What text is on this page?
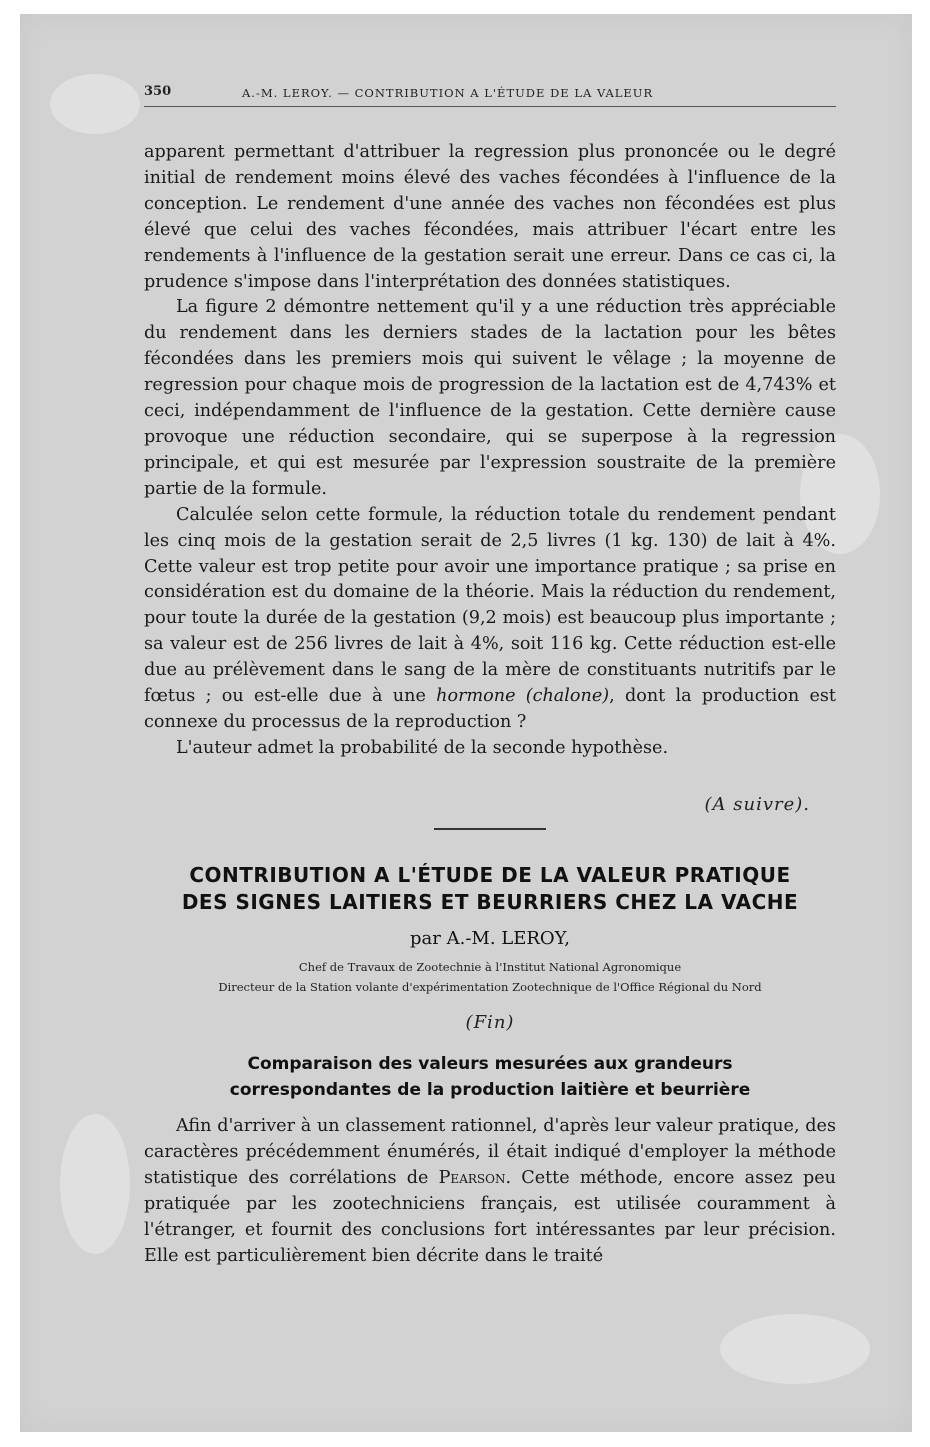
350	A.-M. LEROY. — CONTRIBUTION A L'ÉTUDE DE LA VALEUR

apparent permettant d'attribuer la regression plus prononcée ou le degré initial de rendement moins élevé des vaches fécondées à l'influence de la conception. Le rendement d'une année des vaches non fécondées est plus élevé que celui des vaches fécondées, mais attribuer l'écart entre les rendements à l'influence de la gestation serait une erreur. Dans ce cas ci, la prudence s'impose dans l'interprétation des données statistiques.

La figure 2 démontre nettement qu'il y a une réduction très appréciable du rendement dans les derniers stades de la lactation pour les bêtes fécondées dans les premiers mois qui suivent le vêlage ; la moyenne de regression pour chaque mois de progression de la lactation est de 4,743% et ceci, indépendamment de l'influence de la gestation. Cette dernière cause provoque une réduction secondaire, qui se superpose à la regression principale, et qui est mesurée par l'expression soustraite de la première partie de la formule.

Calculée selon cette formule, la réduction totale du rendement pendant les cinq mois de la gestation serait de 2,5 livres (1 kg. 130) de lait à 4%. Cette valeur est trop petite pour avoir une importance pratique ; sa prise en considération est du domaine de la théorie. Mais la réduction du rendement, pour toute la durée de la gestation (9,2 mois) est beaucoup plus importante ; sa valeur est de 256 livres de lait à 4%, soit 116 kg. Cette réduction est-elle due au prélèvement dans le sang de la mère de constituants nutritifs par le fœtus ; ou est-elle due à une hormone (chalone), dont la production est connexe du processus de la reproduction ?

L'auteur admet la probabilité de la seconde hypothèse.

(A suivre).
CONTRIBUTION A L'ÉTUDE DE LA VALEUR PRATIQUE
DES SIGNES LAITIERS ET BEURRIERS CHEZ LA VACHE
par A.-M. LEROY,
Chef de Travaux de Zootechnie à l'Institut National Agronomique
Directeur de la Station volante d'expérimentation Zootechnique de l'Office Régional du Nord
(Fin)
Comparaison des valeurs mesurées aux grandeurs
correspondantes de la production laitière et beurrière

Afin d'arriver à un classement rationnel, d'après leur valeur pratique, des caractères précédemment énumérés, il était indiqué d'employer la méthode statistique des corrélations de Pearson. Cette méthode, encore assez peu pratiquée par les zootechniciens français, est utilisée couramment à l'étranger, et fournit des conclusions fort intéressantes par leur précision. Elle est particulièrement bien décrite dans le traité
